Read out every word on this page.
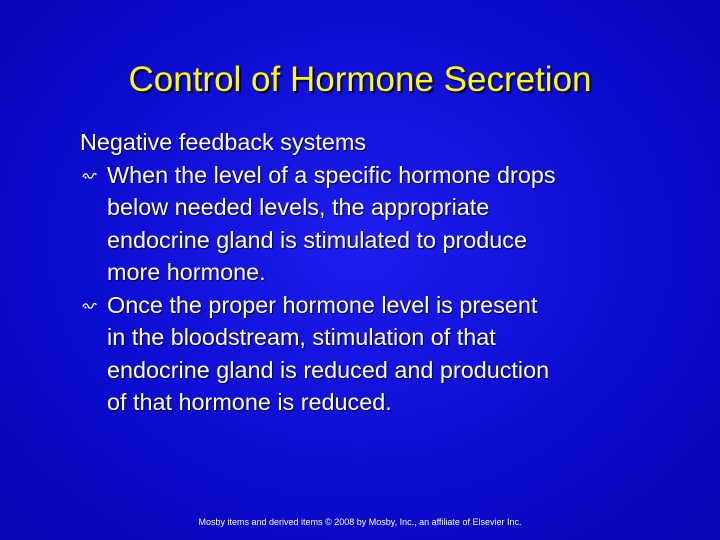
Control of Hormone Secretion
Negative feedback systems
When the level of a specific hormone drops
below needed levels, the appropriate
endocrine gland is stimulated to produce
more hormone.
Once the proper hormone level is present
in the bloodstream, stimulation of that
endocrine gland is reduced and production
of that hormone is reduced.
Mosby items and derived items © 2008 by Mosby, Inc., an affiliate of Elsevier Inc.
